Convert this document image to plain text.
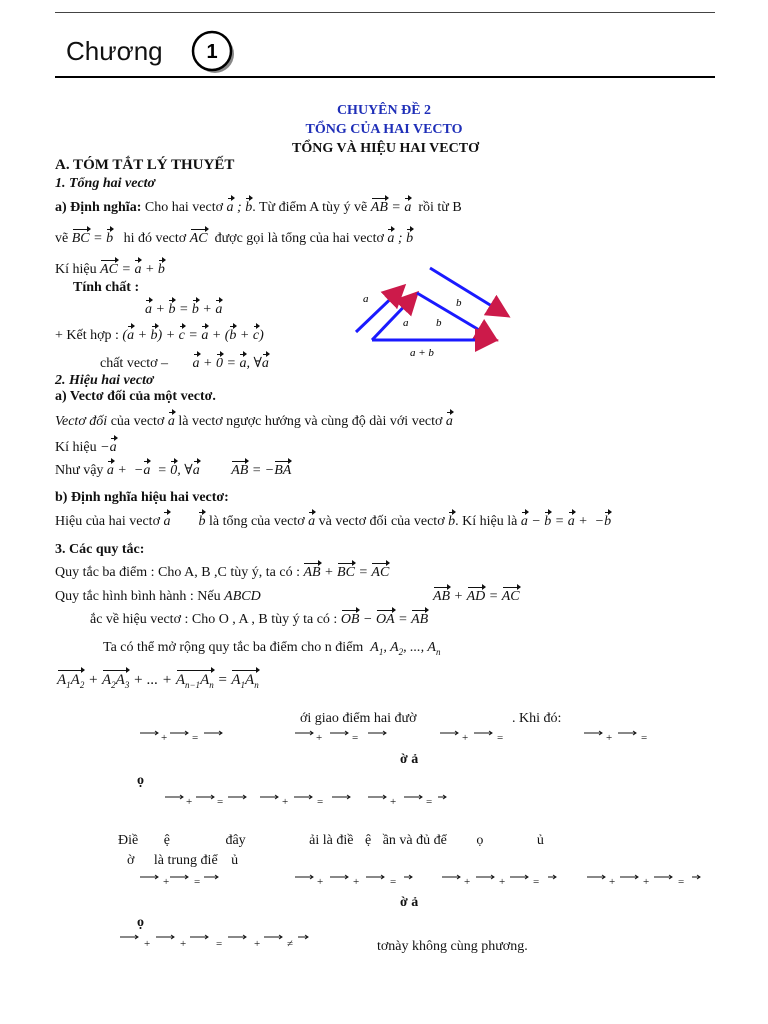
Chương 1
CHUYÊN ĐỀ 2
TỔNG CỦA HAI VECTO
TỔNG VÀ HIỆU HAI VECTƠ
A. TÓM TẮT LÝ THUYẾT
1. Tổng hai vectơ
a) Định nghĩa: Cho hai vectơ a ; b. Từ điểm A tùy ý vẽ AB = a rồi từ B
vẽ BC = b hi đó vectơ AC được gọi là tổng của hai vectơ a ; b
Kí hiệu AC = a + b
Tính chất :
a + b = b + a
+ Kết hợp : (a + b) + c = a + (b + c)
chất vectơ – a + 0 = a, ∀a
a
a	b
b
a + b
2. Hiệu hai vectơ
a) Vectơ đối của một vectơ.
Vectơ đối của vectơ a là vectơ ngược hướng và cùng độ dài với vectơ a
Kí hiệu −a
Như vậy a +  −a  = 0, ∀a AB = −BA
b) Định nghĩa hiệu hai vectơ:
Hiệu của hai vectơ a b là tổng của vectơ a và vectơ đối của vectơ b. Kí hiệu là a − b = a +  −b
3. Các quy tắc:
Quy tắc ba điểm : Cho A, B ,C tùy ý, ta có : AB + BC = AC
Quy tắc hình bình hành : Nếu ABCD	AB + AD = AC
ắc về hiệu vectơ : Cho O , A , B tùy ý ta có : OB − OA = AB
Ta có thể mở rộng quy tắc ba điểm cho n điểm $A_1$, $A_2$, ..., $A_n$
$A_1A_2 + A_2A_3$ + ... + $A_{n-1}A_n = A_1A_n$
ới giao điểm hai đườ	. Khi đó:
+ =	+	=	+	=	+	=
ờ ả
ọ
+ =	+	=	+	=
Điề ệ	đây	ải là điề ệ ần và đủ để ọ	ủ
ờ là trung điể ủ
+ =	+	+	=	+	+	=	+	+	=
ờ ả
ọ
+	+	=	+ ≠	tơnày không cùng phương.
